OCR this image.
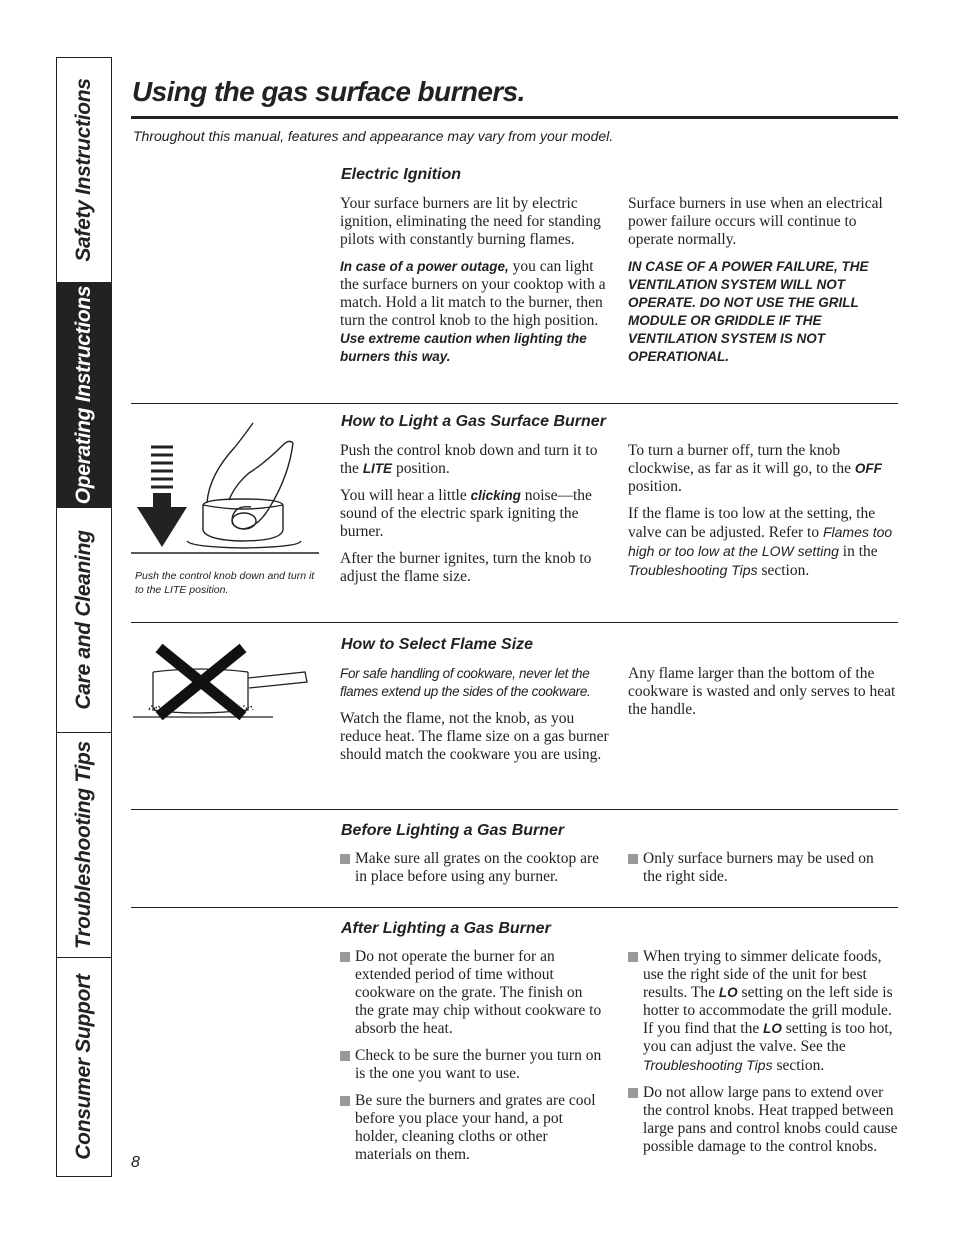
Safety Instructions
Operating Instructions
Care and Cleaning
Troubleshooting Tips
Consumer Support
Using the gas surface burners.
Throughout this manual, features and appearance may vary from your model.
Electric Ignition

Your surface burners are lit by electric ignition, eliminating the need for standing pilots with constantly burning flames.

In case of a power outage, you can light the surface burners on your cooktop with a match. Hold a lit match to the burner, then turn the control knob to the high position. Use extreme caution when lighting the burners this way.

Surface burners in use when an electrical power failure occurs will continue to operate normally.

IN CASE OF A POWER FAILURE, THE VENTILATION SYSTEM WILL NOT OPERATE. DO NOT USE THE GRILL MODULE OR GRIDDLE IF THE VENTILATION SYSTEM IS NOT OPERATIONAL.

Push the control knob down and turn it to the LITE position.
How to Light a Gas Surface Burner

Push the control knob down and turn it to the LITE position.

You will hear a little clicking noise—the sound of the electric spark igniting the burner.

After the burner ignites, turn the knob to adjust the flame size.

To turn a burner off, turn the knob clockwise, as far as it will go, to the OFF position.

If the flame is too low at the setting, the valve can be adjusted. Refer to Flames too high or too low at the LOW setting in the Troubleshooting Tips section.

How to Select Flame Size

For safe handling of cookware, never let the flames extend up the sides of the cookware.

Watch the flame, not the knob, as you reduce heat. The flame size on a gas burner should match the cookware you are using.

Any flame larger than the bottom of the cookware is wasted and only serves to heat the handle.

Before Lighting a Gas Burner
Make sure all grates on the cooktop are in place before using any burner.
Only surface burners may be used on the right side.
After Lighting a Gas Burner
Do not operate the burner for an extended period of time without cookware on the grate. The finish on the grate may chip without cookware to absorb the heat.
Check to be sure the burner you turn on is the one you want to use.
Be sure the burners and grates are cool before you place your hand, a pot holder, cleaning cloths or other materials on them.
When trying to simmer delicate foods, use the right side of the unit for best results. The LO setting on the left side is hotter to accommodate the grill module. If you find that the LO setting is too hot, you can adjust the valve. See the Troubleshooting Tips section.
Do not allow large pans to extend over the control knobs. Heat trapped between large pans and control knobs could cause possible damage to the control knobs.
8
